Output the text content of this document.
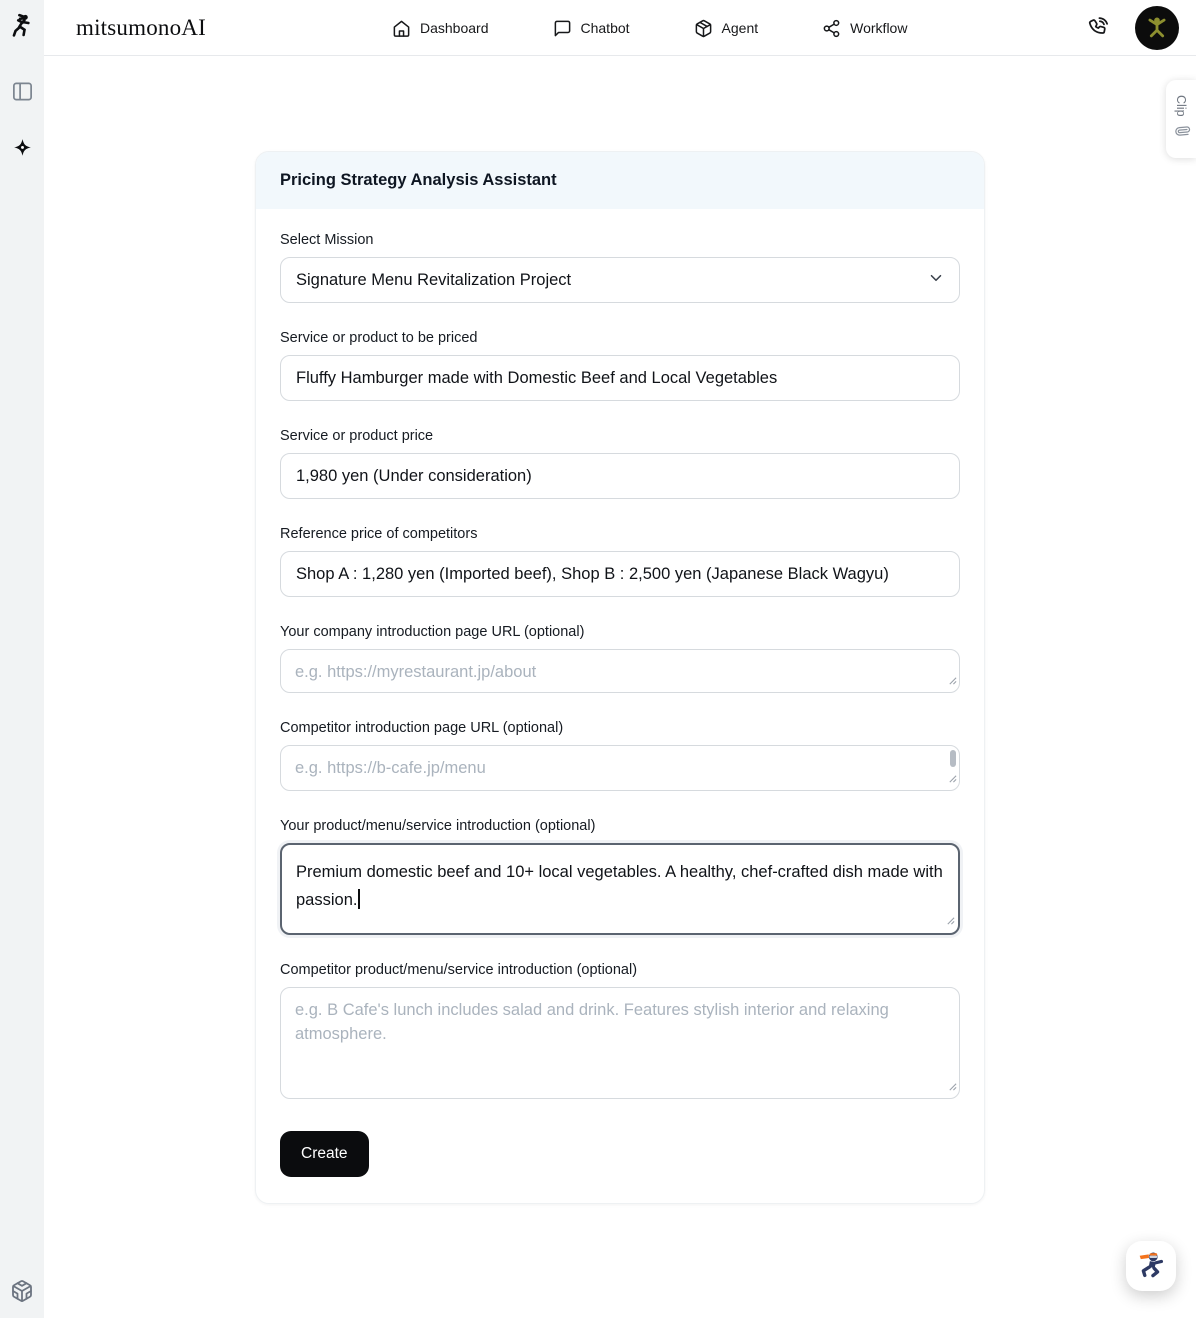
mitsumonoAI	Dashboard	Chatbot	Agent	Workflow
Pricing Strategy Analysis Assistant
Select Mission
Signature Menu Revitalization Project
Service or product to be priced
Fluffy Hamburger made with Domestic Beef and Local Vegetables
Service or product price
1,980 yen (Under consideration)
Reference price of competitors
Shop A : 1,280 yen (Imported beef), Shop B : 2,500 yen (Japanese Black Wagyu)
Your company introduction page URL (optional)
e.g. https://myrestaurant.jp/about
Competitor introduction page URL (optional)
e.g. https://b-cafe.jp/menu
Your product/menu/service introduction (optional)
Premium domestic beef and 10+ local vegetables. A healthy, chef-crafted dish made with passion.
Competitor product/menu/service introduction (optional)
e.g. B Cafe's lunch includes salad and drink. Features stylish interior and relaxing atmosphere.
Create
Clip
